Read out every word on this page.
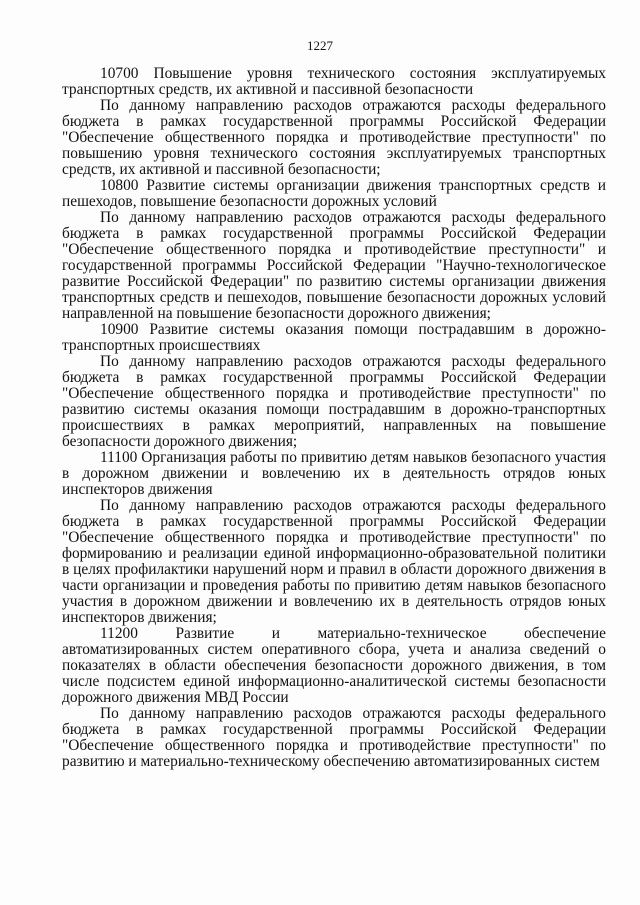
1227

10700 Повышение уровня технического состояния эксплуатируемых транспортных средств, их активной и пассивной безопасности

По данному направлению расходов отражаются расходы федерального бюджета в рамках государственной программы Российской Федерации "Обеспечение общественного порядка и противодействие преступности" по повышению уровня технического состояния эксплуатируемых транспортных средств, их активной и пассивной безопасности;

10800 Развитие системы организации движения транспортных средств и пешеходов, повышение безопасности дорожных условий

По данному направлению расходов отражаются расходы федерального бюджета в рамках государственной программы Российской Федерации "Обеспечение общественного порядка и противодействие преступности" и государственной программы Российской Федерации "Научно-технологическое развитие Российской Федерации" по развитию системы организации движения транспортных средств и пешеходов, повышение безопасности дорожных условий направленной на повышение безопасности дорожного движения;

10900 Развитие системы оказания помощи пострадавшим в дорожно-транспортных происшествиях

По данному направлению расходов отражаются расходы федерального бюджета в рамках государственной программы Российской Федерации "Обеспечение общественного порядка и противодействие преступности" по развитию системы оказания помощи пострадавшим в дорожно-транспортных происшествиях в рамках мероприятий, направленных на повышение безопасности дорожного движения;

11100 Организация работы по привитию детям навыков безопасного участия в дорожном движении и вовлечению их в деятельность отрядов юных инспекторов движения

По данному направлению расходов отражаются расходы федерального бюджета в рамках государственной программы Российской Федерации "Обеспечение общественного порядка и противодействие преступности" по формированию и реализации единой информационно-образовательной политики в целях профилактики нарушений норм и правил в области дорожного движения в части организации и проведения работы по привитию детям навыков безопасного участия в дорожном движении и вовлечению их в деятельность отрядов юных инспекторов движения;

11200 Развитие и материально-техническое обеспечение автоматизированных систем оперативного сбора, учета и анализа сведений о показателях в области обеспечения безопасности дорожного движения, в том числе подсистем единой информационно-аналитической системы безопасности дорожного движения МВД России

По данному направлению расходов отражаются расходы федерального бюджета в рамках государственной программы Российской Федерации "Обеспечение общественного порядка и противодействие преступности" по развитию и материально-техническому обеспечению автоматизированных систем
